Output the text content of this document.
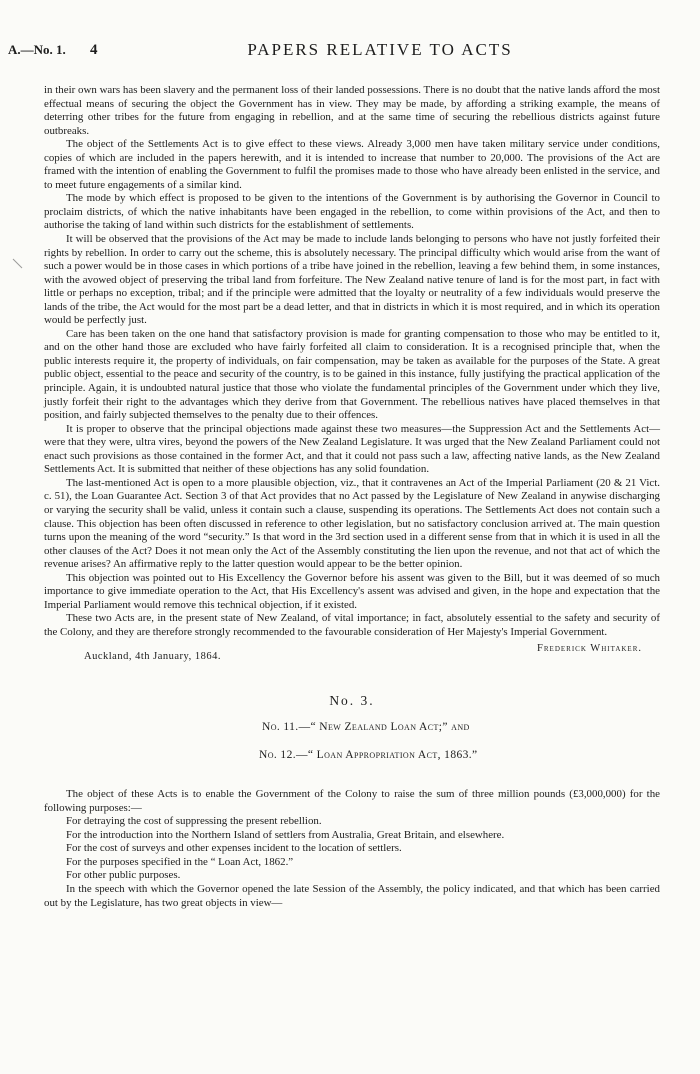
A.—No. 1. 4	PAPERS RELATIVE TO ACTS

in their own wars has been slavery and the permanent loss of their landed possessions. There is no doubt that the native lands afford the most effectual means of securing the object the Government has in view. They may be made, by affording a striking example, the means of deterring other tribes for the future from engaging in rebellion, and at the same time of securing the rebellious districts against future outbreaks.

The object of the Settlements Act is to give effect to these views. Already 3,000 men have taken military service under conditions, copies of which are included in the papers herewith, and it is intended to increase that number to 20,000. The provisions of the Act are framed with the intention of enabling the Government to fulfil the promises made to those who have already been enlisted in the service, and to meet future engagements of a similar kind.

The mode by which effect is proposed to be given to the intentions of the Government is by authorising the Governor in Council to proclaim districts, of which the native inhabitants have been engaged in the rebellion, to come within provisions of the Act, and then to authorise the taking of land within such districts for the establishment of settlements.

It will be observed that the provisions of the Act may be made to include lands belonging to persons who have not justly forfeited their rights by rebellion. In order to carry out the scheme, this is absolutely necessary. The principal difficulty which would arise from the want of such a power would be in those cases in which portions of a tribe have joined in the rebellion, leaving a few behind them, in some instances, with the avowed object of preserving the tribal land from forfeiture. The New Zealand native tenure of land is for the most part, in fact with little or perhaps no exception, tribal; and if the principle were admitted that the loyalty or neutrality of a few individuals would preserve the lands of the tribe, the Act would for the most part be a dead letter, and that in districts in which it is most required, and in which its operation would be perfectly just.

Care has been taken on the one hand that satisfactory provision is made for granting compensation to those who may be entitled to it, and on the other hand those are excluded who have fairly forfeited all claim to consideration. It is a recognised principle that, when the public interests require it, the property of individuals, on fair compensation, may be taken as available for the purposes of the State. A great public object, essential to the peace and security of the country, is to be gained in this instance, fully justifying the practical application of the principle. Again, it is undoubted natural justice that those who violate the fundamental principles of the Government under which they live, justly forfeit their right to the advantages which they derive from that Government. The rebellious natives have placed themselves in that position, and fairly subjected themselves to the penalty due to their offences.

It is proper to observe that the principal objections made against these two measures—the Suppression Act and the Settlements Act—were that they were, ultra vires, beyond the powers of the New Zealand Legislature. It was urged that the New Zealand Parliament could not enact such provisions as those contained in the former Act, and that it could not pass such a law, affecting native lands, as the New Zealand Settlements Act. It is submitted that neither of these objections has any solid foundation.

The last-mentioned Act is open to a more plausible objection, viz., that it contravenes an Act of the Imperial Parliament (20 & 21 Vict. c. 51), the Loan Guarantee Act. Section 3 of that Act provides that no Act passed by the Legislature of New Zealand in anywise discharging or varying the security shall be valid, unless it contain such a clause, suspending its operations. The Settlements Act does not contain such a clause. This objection has been often discussed in reference to other legislation, but no satisfactory conclusion arrived at. The main question turns upon the meaning of the word “security.” Is that word in the 3rd section used in a different sense from that in which it is used in all the other clauses of the Act? Does it not mean only the Act of the Assembly constituting the lien upon the revenue, and not that act of which the revenue arises? An affirmative reply to the latter question would appear to be the better opinion.

This objection was pointed out to His Excellency the Governor before his assent was given to the Bill, but it was deemed of so much importance to give immediate operation to the Act, that His Excellency's assent was advised and given, in the hope and expectation that the Imperial Parliament would remove this technical objection, if it existed.

These two Acts are, in the present state of New Zealand, of vital importance; in fact, absolutely essential to the safety and security of the Colony, and they are therefore strongly recommended to the favourable consideration of Her Majesty's Imperial Government.

Frederick Whitaker.
Auckland, 4th January, 1864.
No. 3.
No. 11.—“ New Zealand Loan Act;” and
No. 12.—“ Loan Appropriation Act, 1863.”

The object of these Acts is to enable the Government of the Colony to raise the sum of three million pounds (£3,000,000) for the following purposes:—

For detraying the cost of suppressing the present rebellion.

For the introduction into the Northern Island of settlers from Australia, Great Britain, and elsewhere.

For the cost of surveys and other expenses incident to the location of settlers.

For the purposes specified in the “ Loan Act, 1862.”

For other public purposes.

In the speech with which the Governor opened the late Session of the Assembly, the policy indicated, and that which has been carried out by the Legislature, has two great objects in view—
